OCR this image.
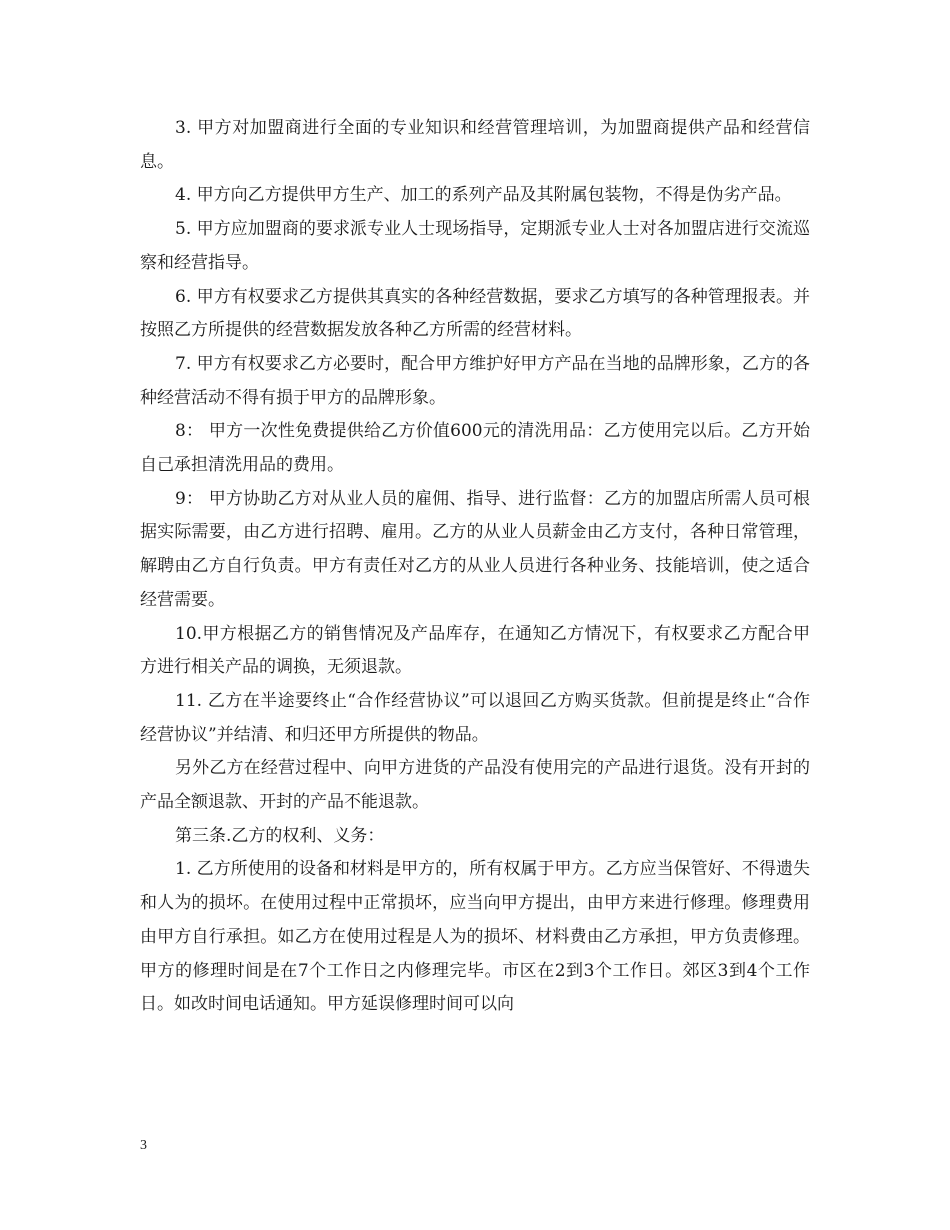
3. 甲方对加盟商进行全面的专业知识和经营管理培训，为加盟商提供产品和经营信息。

4. 甲方向乙方提供甲方生产、加工的系列产品及其附属包装物，不得是伪劣产品。

5. 甲方应加盟商的要求派专业人士现场指导，定期派专业人士对各加盟店进行交流巡察和经营指导。

6. 甲方有权要求乙方提供其真实的各种经营数据，要求乙方填写的各种管理报表。并按照乙方所提供的经营数据发放各种乙方所需的经营材料。

7. 甲方有权要求乙方必要时，配合甲方维护好甲方产品在当地的品牌形象，乙方的各种经营活动不得有损于甲方的品牌形象。

8： 甲方一次性免费提供给乙方价值600元的清洗用品：乙方使用完以后。乙方开始自己承担清洗用品的费用。

9： 甲方协助乙方对从业人员的雇佣、指导、进行监督：乙方的加盟店所需人员可根据实际需要，由乙方进行招聘、雇用。乙方的从业人员薪金由乙方支付，各种日常管理，解聘由乙方自行负责。甲方有责任对乙方的从业人员进行各种业务、技能培训，使之适合经营需要。

10.甲方根据乙方的销售情况及产品库存，在通知乙方情况下，有权要求乙方配合甲方进行相关产品的调换，无须退款。

11. 乙方在半途要终止“合作经营协议”可以退回乙方购买货款。但前提是终止“合作经营协议”并结清、和归还甲方所提供的物品。

另外乙方在经营过程中、向甲方进货的产品没有使用完的产品进行退货。没有开封的产品全额退款、开封的产品不能退款。

第三条.乙方的权利、义务：

1. 乙方所使用的设备和材料是甲方的，所有权属于甲方。乙方应当保管好、不得遗失和人为的损坏。在使用过程中正常损坏，应当向甲方提出，由甲方来进行修理。修理费用由甲方自行承担。如乙方在使用过程是人为的损坏、材料费由乙方承担，甲方负责修理。甲方的修理时间是在7个工作日之内修理完毕。市区在2到3个工作日。郊区3到4个工作日。如改时间电话通知。甲方延误修理时间可以向

3
